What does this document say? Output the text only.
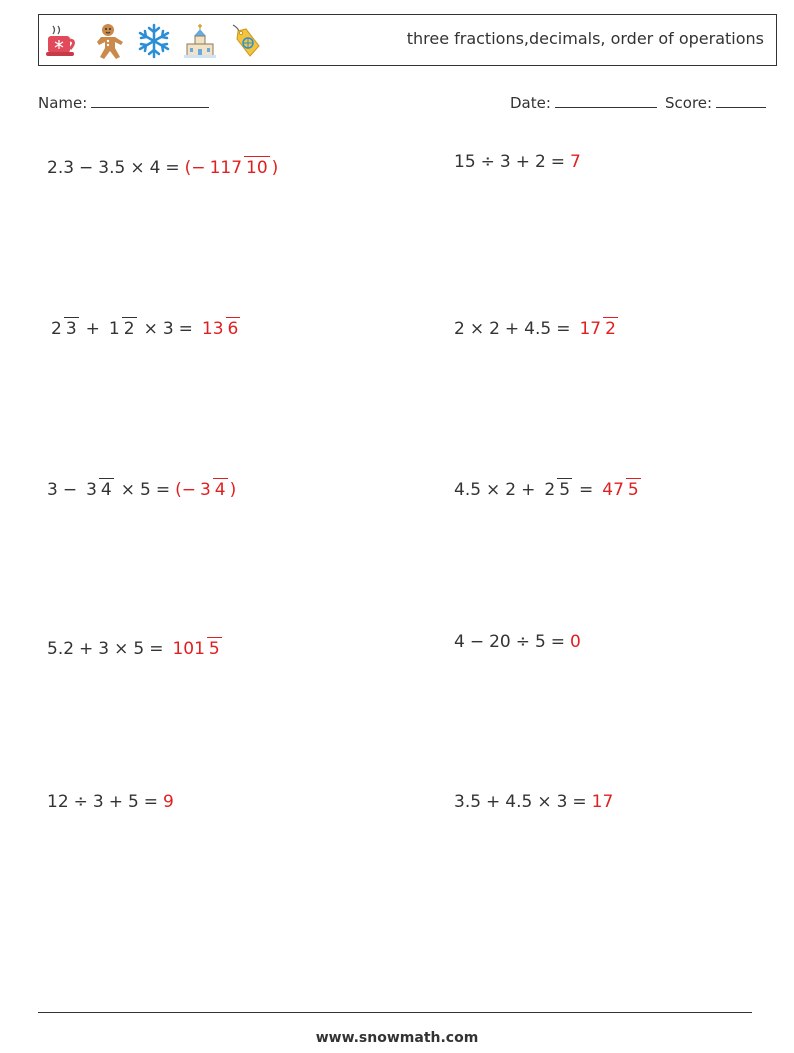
three fractions,decimals, order of operations
Name:	Date:	Score:
2.3 − 3.5 × 4 = (− 117 10 )	15 ÷ 3 + 2 = 7
2 3 + 1 2 × 3 = 13 6	2 × 2 + 4.5 = 17 2
3 − 3 4 × 5 = (− 3 4 )	4.5 × 2 + 2 5 = 47 5
5.2 + 3 × 5 = 101 5	4 − 20 ÷ 5 = 0
12 ÷ 3 + 5 = 9	3.5 + 4.5 × 3 = 17
www.snowmath.com
